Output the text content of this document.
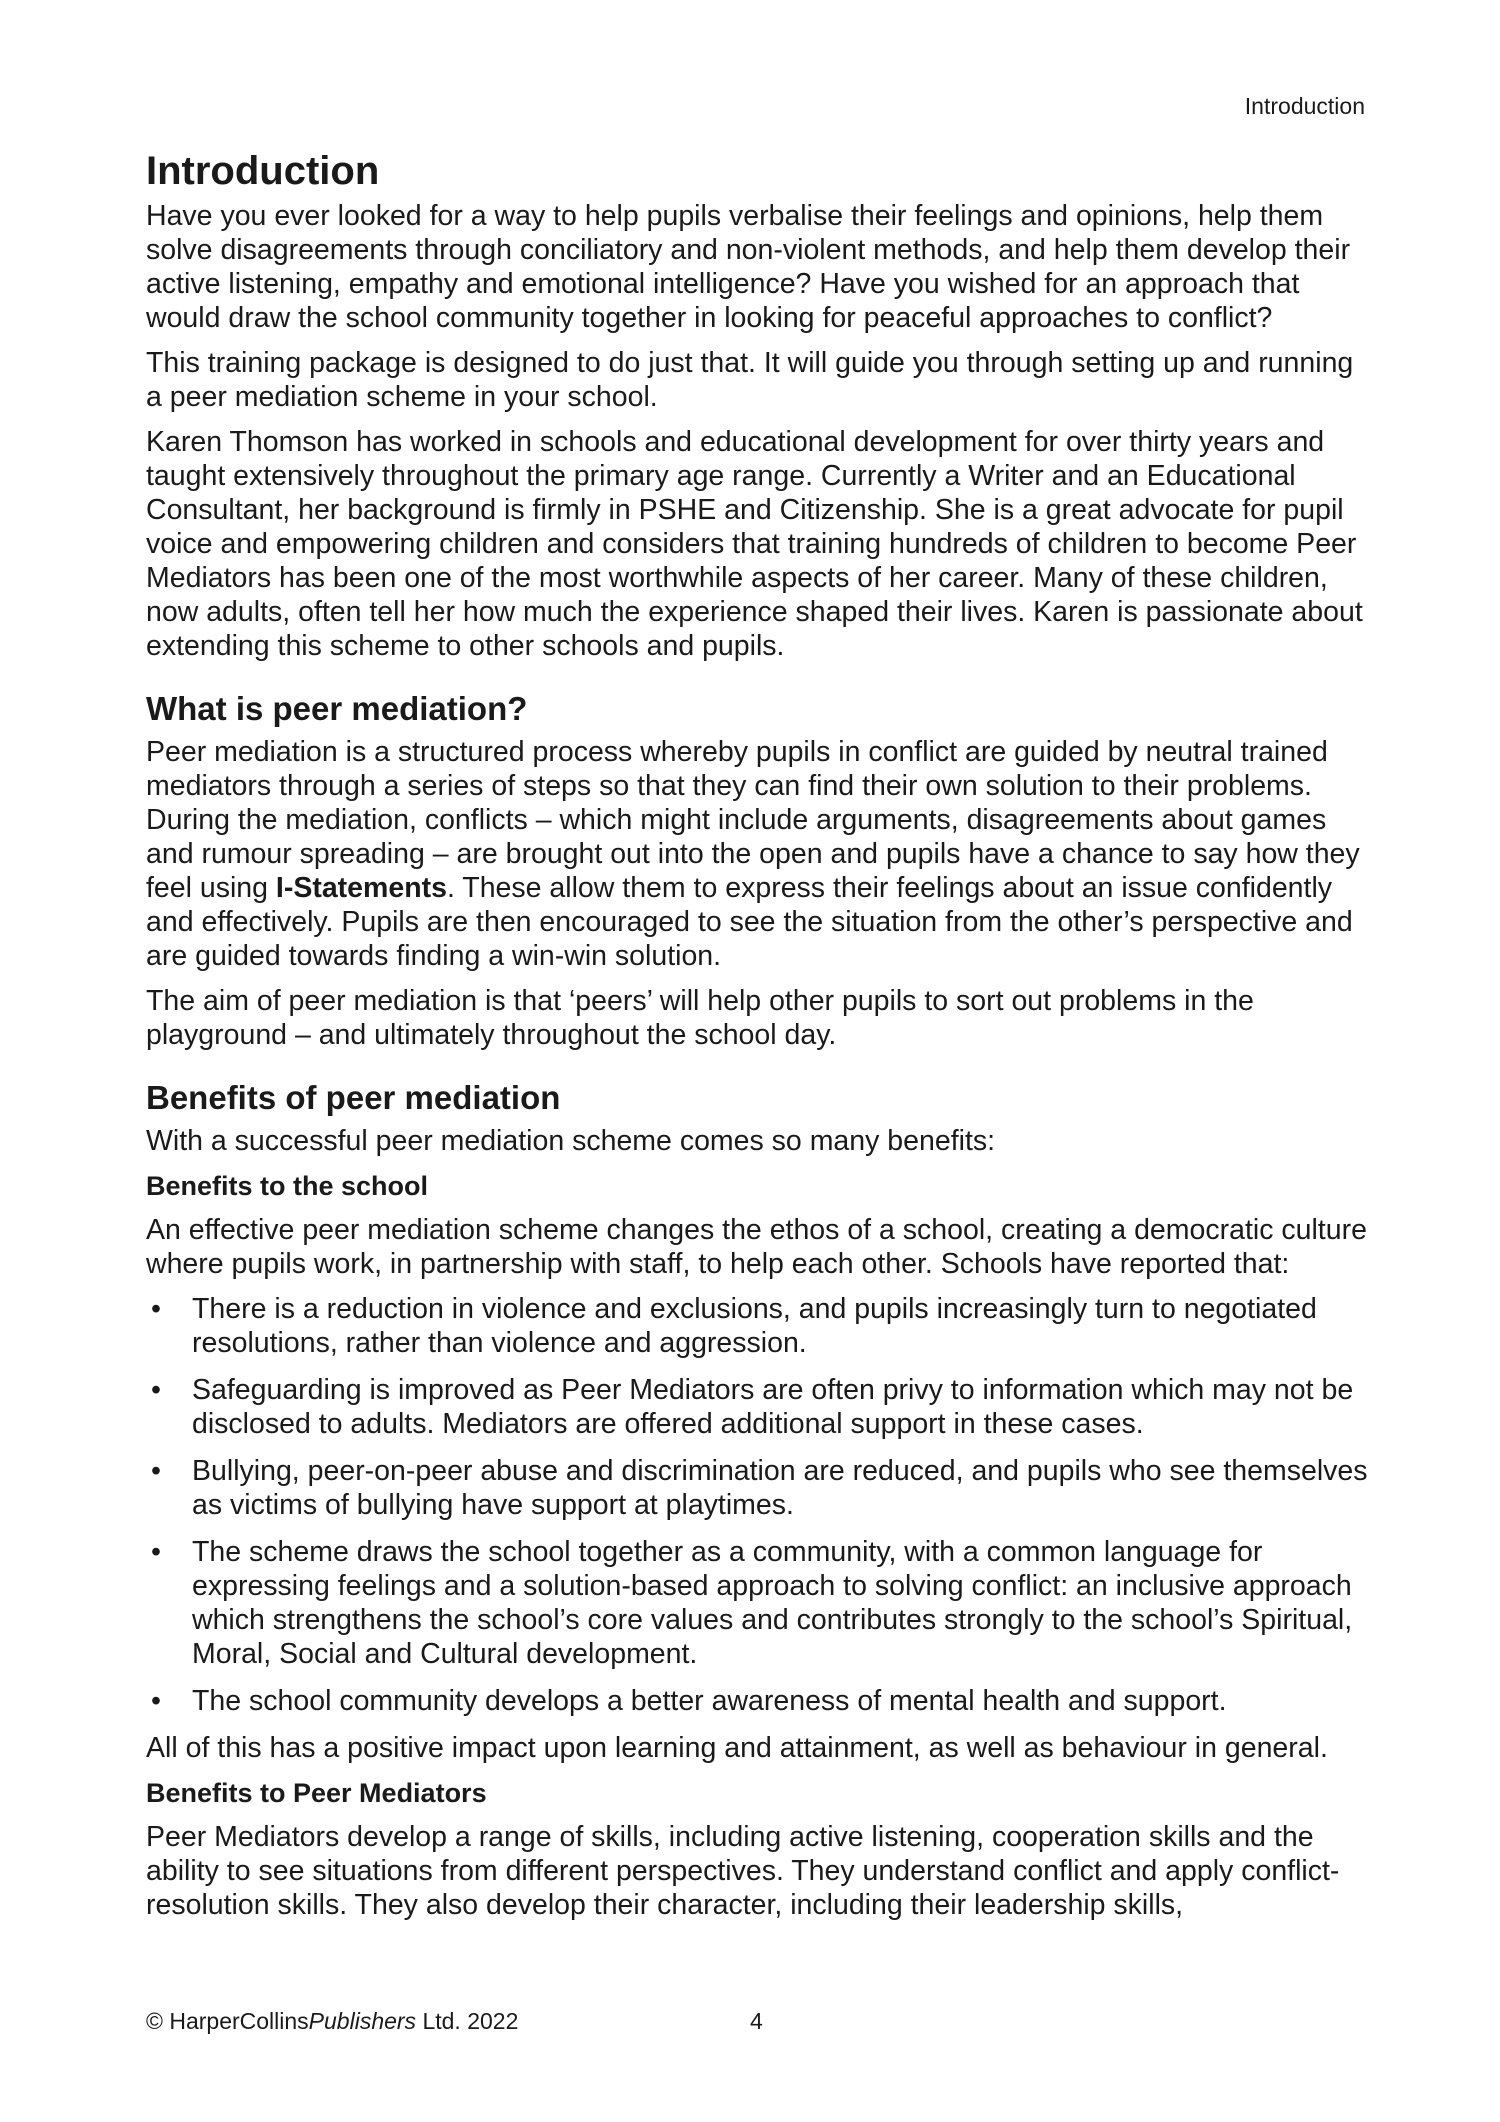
Introduction
Introduction

Have you ever looked for a way to help pupils verbalise their feelings and opinions, help them solve disagreements through conciliatory and non-violent methods, and help them develop their active listening, empathy and emotional intelligence? Have you wished for an approach that would draw the school community together in looking for peaceful approaches to conflict?

This training package is designed to do just that. It will guide you through setting up and running a peer mediation scheme in your school.

Karen Thomson has worked in schools and educational development for over thirty years and taught extensively throughout the primary age range. Currently a Writer and an Educational Consultant, her background is firmly in PSHE and Citizenship. She is a great advocate for pupil voice and empowering children and considers that training hundreds of children to become Peer Mediators has been one of the most worthwhile aspects of her career. Many of these children, now adults, often tell her how much the experience shaped their lives. Karen is passionate about extending this scheme to other schools and pupils.

What is peer mediation?

Peer mediation is a structured process whereby pupils in conflict are guided by neutral trained mediators through a series of steps so that they can find their own solution to their problems. During the mediation, conflicts – which might include arguments, disagreements about games and rumour spreading – are brought out into the open and pupils have a chance to say how they feel using I-Statements. These allow them to express their feelings about an issue confidently and effectively. Pupils are then encouraged to see the situation from the other’s perspective and are guided towards finding a win-win solution.

The aim of peer mediation is that ‘peers’ will help other pupils to sort out problems in the playground – and ultimately throughout the school day.

Benefits of peer mediation

With a successful peer mediation scheme comes so many benefits:

Benefits to the school

An effective peer mediation scheme changes the ethos of a school, creating a democratic culture where pupils work, in partnership with staff, to help each other. Schools have reported that:

• There is a reduction in violence and exclusions, and pupils increasingly turn to negotiated resolutions, rather than violence and aggression.
• Safeguarding is improved as Peer Mediators are often privy to information which may not be disclosed to adults. Mediators are offered additional support in these cases.
• Bullying, peer-on-peer abuse and discrimination are reduced, and pupils who see themselves as victims of bullying have support at playtimes.
• The scheme draws the school together as a community, with a common language for expressing feelings and a solution-based approach to solving conflict: an inclusive approach which strengthens the school’s core values and contributes strongly to the school’s Spiritual, Moral, Social and Cultural development.
• The school community develops a better awareness of mental health and support.

All of this has a positive impact upon learning and attainment, as well as behaviour in general.

Benefits to Peer Mediators

Peer Mediators develop a range of skills, including active listening, cooperation skills and the ability to see situations from different perspectives. They understand conflict and apply conflict-resolution skills. They also develop their character, including their leadership skills,

© HarperCollinsPublishers Ltd. 2022	4
